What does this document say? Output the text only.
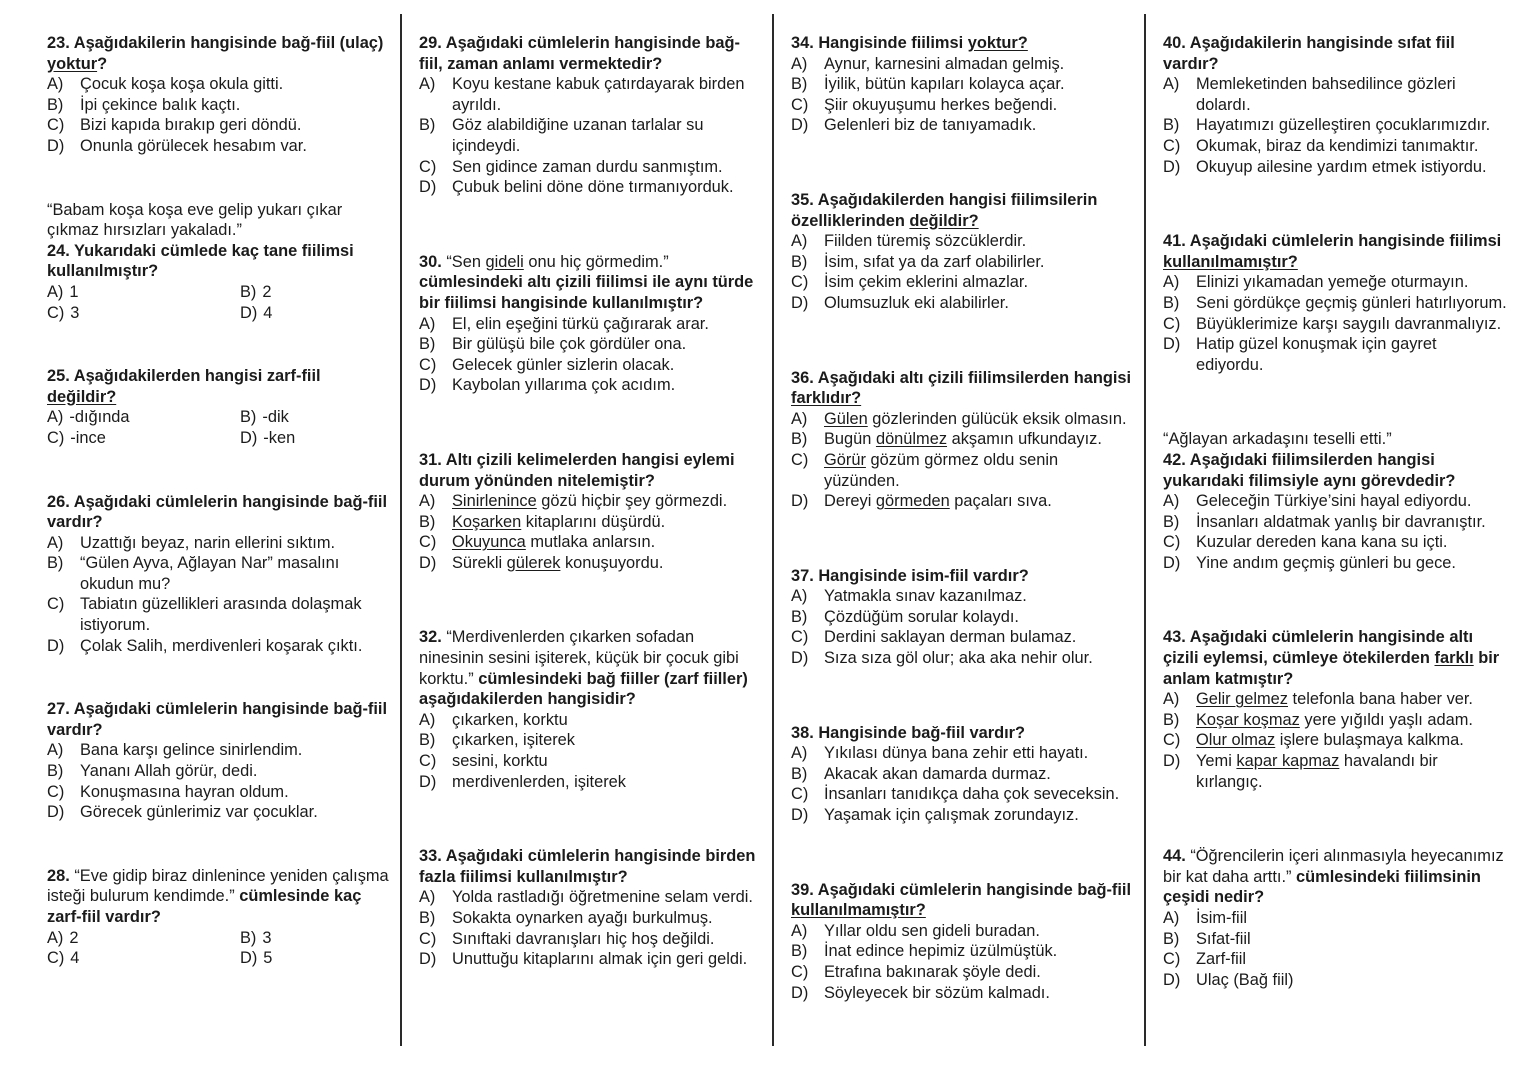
23. Aşağıdakilerin hangisinde bağ-fiil (ulaç) yoktur?
A)	Çocuk koşa koşa okula gitti.
B)	İpi çekince balık kaçtı.
C) Bizi kapıda bırakıp geri döndü.
D) Onunla görülecek hesabım var.

“Babam koşa koşa eve gelip yukarı çıkar çıkmaz hırsızları yakaladı.”

24. Yukarıdaki cümlede kaç tane fiilimsi kullanılmıştır?
A) 1	B) 2
C) 3	D) 4
25. Aşağıdakilerden hangisi zarf-fiil değildir?
A) -dığında	B) -dik
C) -ince	D) -ken
26. Aşağıdaki cümlelerin hangisinde bağ-fiil vardır?
A)	Uzattığı beyaz, narin ellerini sıktım.
B)	“Gülen Ayva, Ağlayan Nar” masalını okudun mu?
C) Tabiatın güzellikleri arasında dolaşmak istiyorum.
D) Çolak Salih, merdivenleri koşarak çıktı.
27. Aşağıdaki cümlelerin hangisinde bağ-fiil vardır?
A)	Bana karşı gelince sinirlendim.
B)	Yananı Allah görür, dedi.
C) Konuşmasına hayran oldum.
D) Görecek günlerimiz var çocuklar.
28. “Eve gidip biraz dinlenince yeniden çalışma isteği bulurum kendimde.” cümlesinde kaç zarf-fiil vardır?
A) 2	B) 3
C) 4	D) 5
29. Aşağıdaki cümlelerin hangisinde bağ-fiil, zaman anlamı vermektedir?
A)	Koyu kestane kabuk çatırdayarak birden ayrıldı.
B)	Göz alabildiğine uzanan tarlalar su içindeydi.
C) Sen gidince zaman durdu sanmıştım.
D) Çubuk belini döne döne tırmanıyorduk.
30. “Sen gideli onu hiç görmedim.” cümlesindeki altı çizili fiilimsi ile aynı türde bir fiilimsi hangisinde kullanılmıştır?
A)	El, elin eşeğini türkü çağırarak arar.
B)	Bir gülüşü bile çok gördüler ona.
C) Gelecek günler sizlerin olacak.
D) Kaybolan yıllarıma çok acıdım.
31. Altı çizili kelimelerden hangisi eylemi durum yönünden nitelemiştir?
A)	Sinirlenince gözü hiçbir şey görmezdi.
B)	Koşarken kitaplarını düşürdü.
C) Okuyunca mutlaka anlarsın.
D) Sürekli gülerek konuşuyordu.
32. “Merdivenlerden çıkarken sofadan ninesinin sesini işiterek, küçük bir çocuk gibi korktu.” cümlesindeki bağ fiiller (zarf fiiller) aşağıdakilerden hangisidir?
A)	çıkarken, korktu
B)	çıkarken, işiterek
C) sesini, korktu
D) merdivenlerden, işiterek
33. Aşağıdaki cümlelerin hangisinde birden fazla fiilimsi kullanılmıştır?
A)	Yolda rastladığı öğretmenine selam verdi.
B)	Sokakta oynarken ayağı burkulmuş.
C) Sınıftaki davranışları hiç hoş değildi.
D) Unuttuğu kitaplarını almak için geri geldi.
34. Hangisinde fiilimsi yoktur?
A)	Aynur, karnesini almadan gelmiş.
B)	İyilik, bütün kapıları kolayca açar.
C) Şiir okuyuşumu herkes beğendi.
D) Gelenleri biz de tanıyamadık.
35. Aşağıdakilerden hangisi fiilimsilerin özelliklerinden değildir?
A)	Fiilden türemiş sözcüklerdir.
B)	İsim, sıfat ya da zarf olabilirler.
C) İsim çekim eklerini almazlar.
D) Olumsuzluk eki alabilirler.
36. Aşağıdaki altı çizili fiilimsilerden hangisi farklıdır?
A)	Gülen gözlerinden gülücük eksik olmasın.
B)	Bugün dönülmez akşamın ufkundayız.
C) Görür gözüm görmez oldu senin yüzünden.
D) Dereyi görmeden paçaları sıva.
37. Hangisinde isim-fiil vardır?
A)	Yatmakla sınav kazanılmaz.
B)	Çözdüğüm sorular kolaydı.
C) Derdini saklayan derman bulamaz.
D) Sıza sıza göl olur; aka aka nehir olur.
38. Hangisinde bağ-fiil vardır?
A)	Yıkılası dünya bana zehir etti hayatı.
B)	Akacak akan damarda durmaz.
C) İnsanları tanıdıkça daha çok seveceksin.
D) Yaşamak için çalışmak zorundayız.
39. Aşağıdaki cümlelerin hangisinde bağ-fiil kullanılmamıştır?
A)	Yıllar oldu sen gideli buradan.
B)	İnat edince hepimiz üzülmüştük.
C) Etrafına bakınarak şöyle dedi.
D) Söyleyecek bir sözüm kalmadı.
40. Aşağıdakilerin hangisinde sıfat fiil vardır?
A)	Memleketinden bahsedilince gözleri dolardı.
B)	Hayatımızı güzelleştiren çocuklarımızdır.
C) Okumak, biraz da kendimizi tanımaktır.
D) Okuyup ailesine yardım etmek istiyordu.
41. Aşağıdaki cümlelerin hangisinde fiilimsi kullanılmamıştır?
A)	Elinizi yıkamadan yemeğe oturmayın.
B)	Seni gördükçe geçmiş günleri hatırlıyorum.
C) Büyüklerimize karşı saygılı davranmalıyız.
D) Hatip güzel konuşmak için gayret ediyordu.

“Ağlayan arkadaşını teselli etti.”

42. Aşağıdaki fiilimsilerden hangisi yukarıdaki filimsiyle aynı görevdedir?
A)	Geleceğin Türkiye’sini hayal ediyordu.
B)	İnsanları aldatmak yanlış bir davranıştır.
C) Kuzular dereden kana kana su içti.
D) Yine andım geçmiş günleri bu gece.
43. Aşağıdaki cümlelerin hangisinde altı çizili eylemsi, cümleye ötekilerden farklı bir anlam katmıştır?
A)	Gelir gelmez telefonla bana haber ver.
B)	Koşar koşmaz yere yığıldı yaşlı adam.
C) Olur olmaz işlere bulaşmaya kalkma.
D) Yemi kapar kapmaz havalandı bir kırlangıç.
44. “Öğrencilerin içeri alınmasıyla heyecanımız bir kat daha arttı.” cümlesindeki fiilimsinin çeşidi nedir?
A)	İsim-fiil
B)	Sıfat-fiil
C) Zarf-fiil
D) Ulaç (Bağ fiil)
